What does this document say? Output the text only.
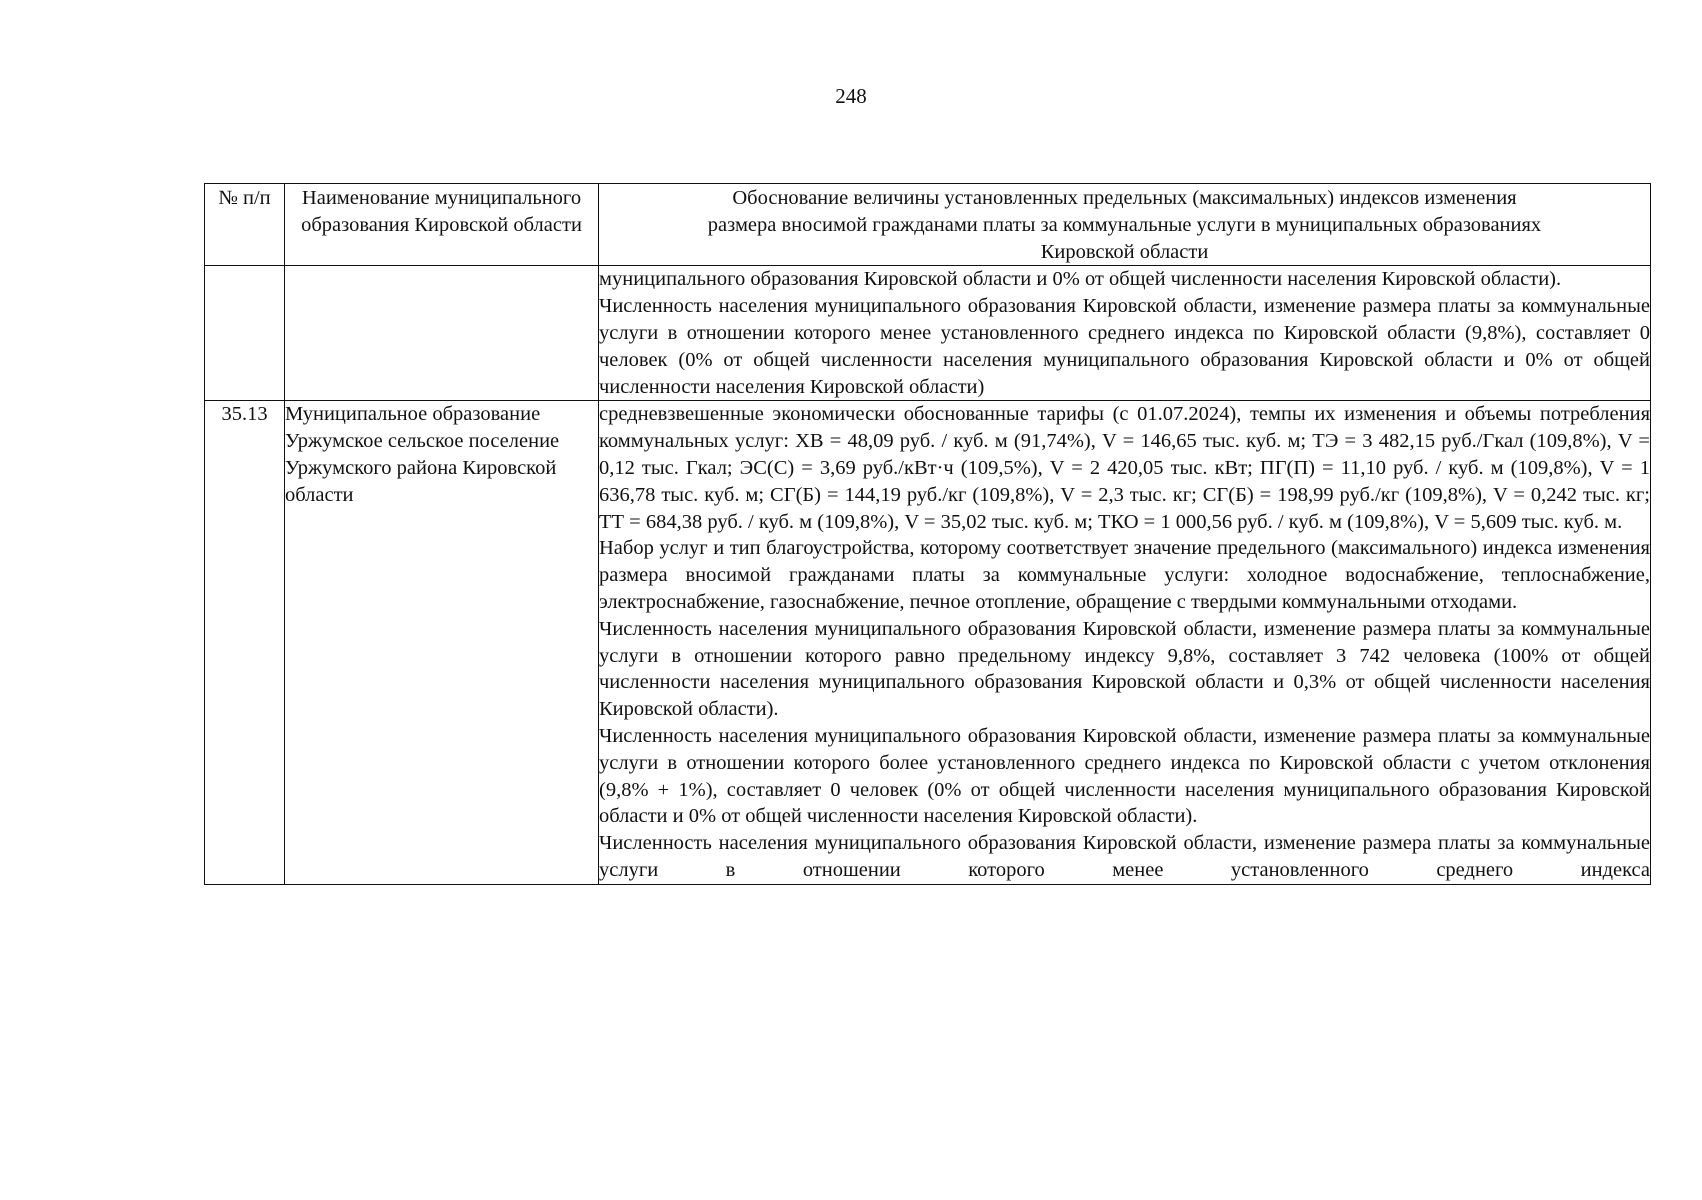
248
№ п/п	Наименование муниципального образования Кировской области	Обоснование величины установленных предельных (максимальных) индексов изменения размера вносимой гражданами платы за коммунальные услуги в муниципальных образованиях Кировской области

		муниципального образования Кировской области и 0% от общей численности населения Кировской области).

Численность населения муниципального образования Кировской области, изменение размера платы за коммунальные услуги в отношении которого менее установленного среднего индекса по Кировской области (9,8%), составляет 0 человек (0% от общей численности населения муниципального образования Кировской области и 0% от общей численности населения Кировской области)

35.13	Муниципальное образование Уржумское сельское поселение Уржумского района Кировской области	средневзвешенные экономически обоснованные тарифы (с 01.07.2024), темпы их изменения и объемы потребления коммунальных услуг: ХВ = 48,09 руб. / куб. м (91,74%), V = 146,65 тыс. куб. м; ТЭ = 3 482,15 руб./Гкал (109,8%), V = 0,12 тыс. Гкал; ЭС(С) = 3,69 руб./кВт·ч (109,5%), V = 2 420,05 тыс. кВт; ПГ(П) = 11,10 руб. / куб. м (109,8%), V = 1 636,78 тыс. куб. м; СГ(Б) = 144,19 руб./кг (109,8%), V = 2,3 тыс. кг; СГ(Б) = 198,99 руб./кг (109,8%), V = 0,242 тыс. кг; ТТ = 684,38 руб. / куб. м (109,8%), V = 35,02 тыс. куб. м; ТКО = 1 000,56 руб. / куб. м (109,8%), V = 5,609 тыс. куб. м.

Набор услуг и тип благоустройства, которому соответствует значение предельного (максимального) индекса изменения размера вносимой гражданами платы за коммунальные услуги: холодное водоснабжение, теплоснабжение, электроснабжение, газоснабжение, печное отопление, обращение с твердыми коммунальными отходами.

Численность населения муниципального образования Кировской области, изменение размера платы за коммунальные услуги в отношении которого равно предельному индексу 9,8%, составляет 3 742 человека (100% от общей численности населения муниципального образования Кировской области и 0,3% от общей численности населения Кировской области).

Численность населения муниципального образования Кировской области, изменение размера платы за коммунальные услуги в отношении которого более установленного среднего индекса по Кировской области с учетом отклонения (9,8% + 1%), составляет 0 человек (0% от общей численности населения муниципального образования Кировской области и 0% от общей численности населения Кировской области).

Численность населения муниципального образования Кировской области, изменение размера платы за коммунальные услуги в отношении которого менее установленного среднего индекса
